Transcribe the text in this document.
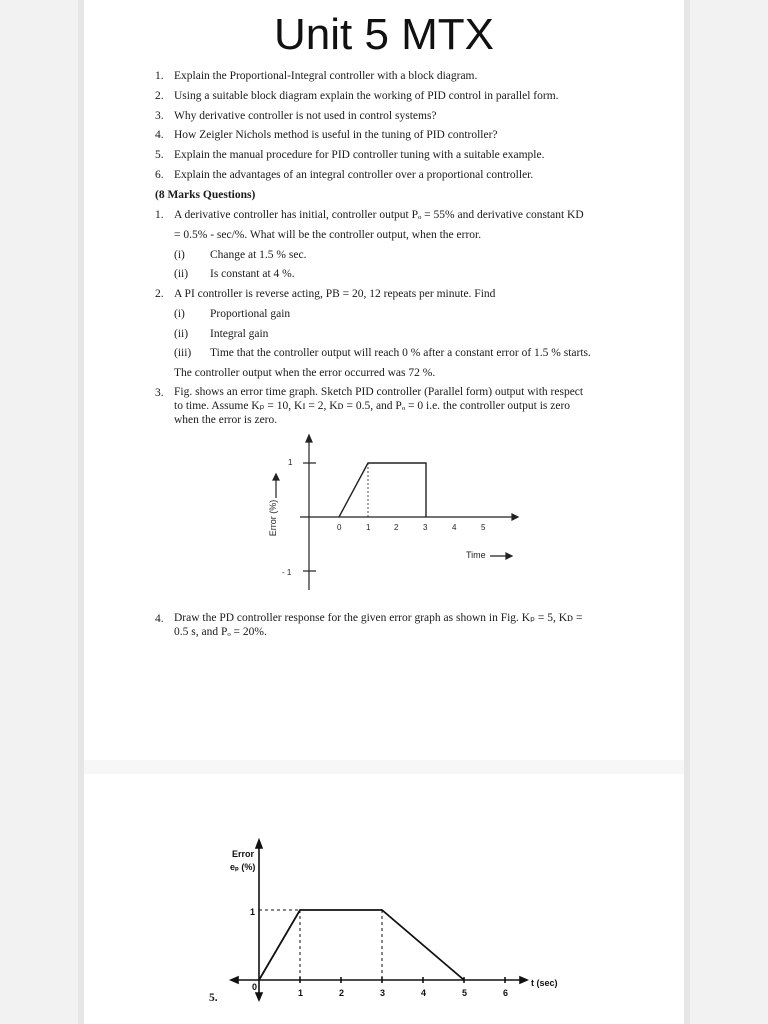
Unit 5 MTX
1. Explain the Proportional-Integral controller with a block diagram.
2. Using a suitable block diagram explain the working of PID control in parallel form.
3. Why derivative controller is not used in control systems?
4. How Zeigler Nichols method is useful in the tuning of PID controller?
5. Explain the manual procedure for PID controller tuning with a suitable example.
6. Explain the advantages of an integral controller over a proportional controller.
(8 Marks Questions)
1. A derivative controller has initial, controller output Pₒ = 55% and derivative constant KD
= 0.5% - sec/%. What will be the controller output, when the error.
(i) Change at 1.5 % sec.
(ii) Is constant at 4 %.
2. A PI controller is reverse acting, PB = 20, 12 repeats per minute. Find
(i) Proportional gain
(ii) Integral gain
(iii) Time that the controller output will reach 0 % after a constant error of 1.5 % starts.
The controller output when the error occurred was 72 %.
3. Fig. shows an error time graph. Sketch PID controller (Parallel form) output with respect
to time. Assume Kₚ = 10, Kɪ = 2, Kᴅ = 0.5, and Pₒ = 0 i.e. the controller output is zero
when the error is zero.
Error (%)
Time
1
- 1
0	1	2	3	4	5
4. Draw the PD controller response for the given error graph as shown in Fig. Kₚ = 5, Kᴅ =
0.5 s, and Pₒ = 20%.
Error
eₚ (%)
t (sec)
1
0
1	2	3	4	5	6
5.
